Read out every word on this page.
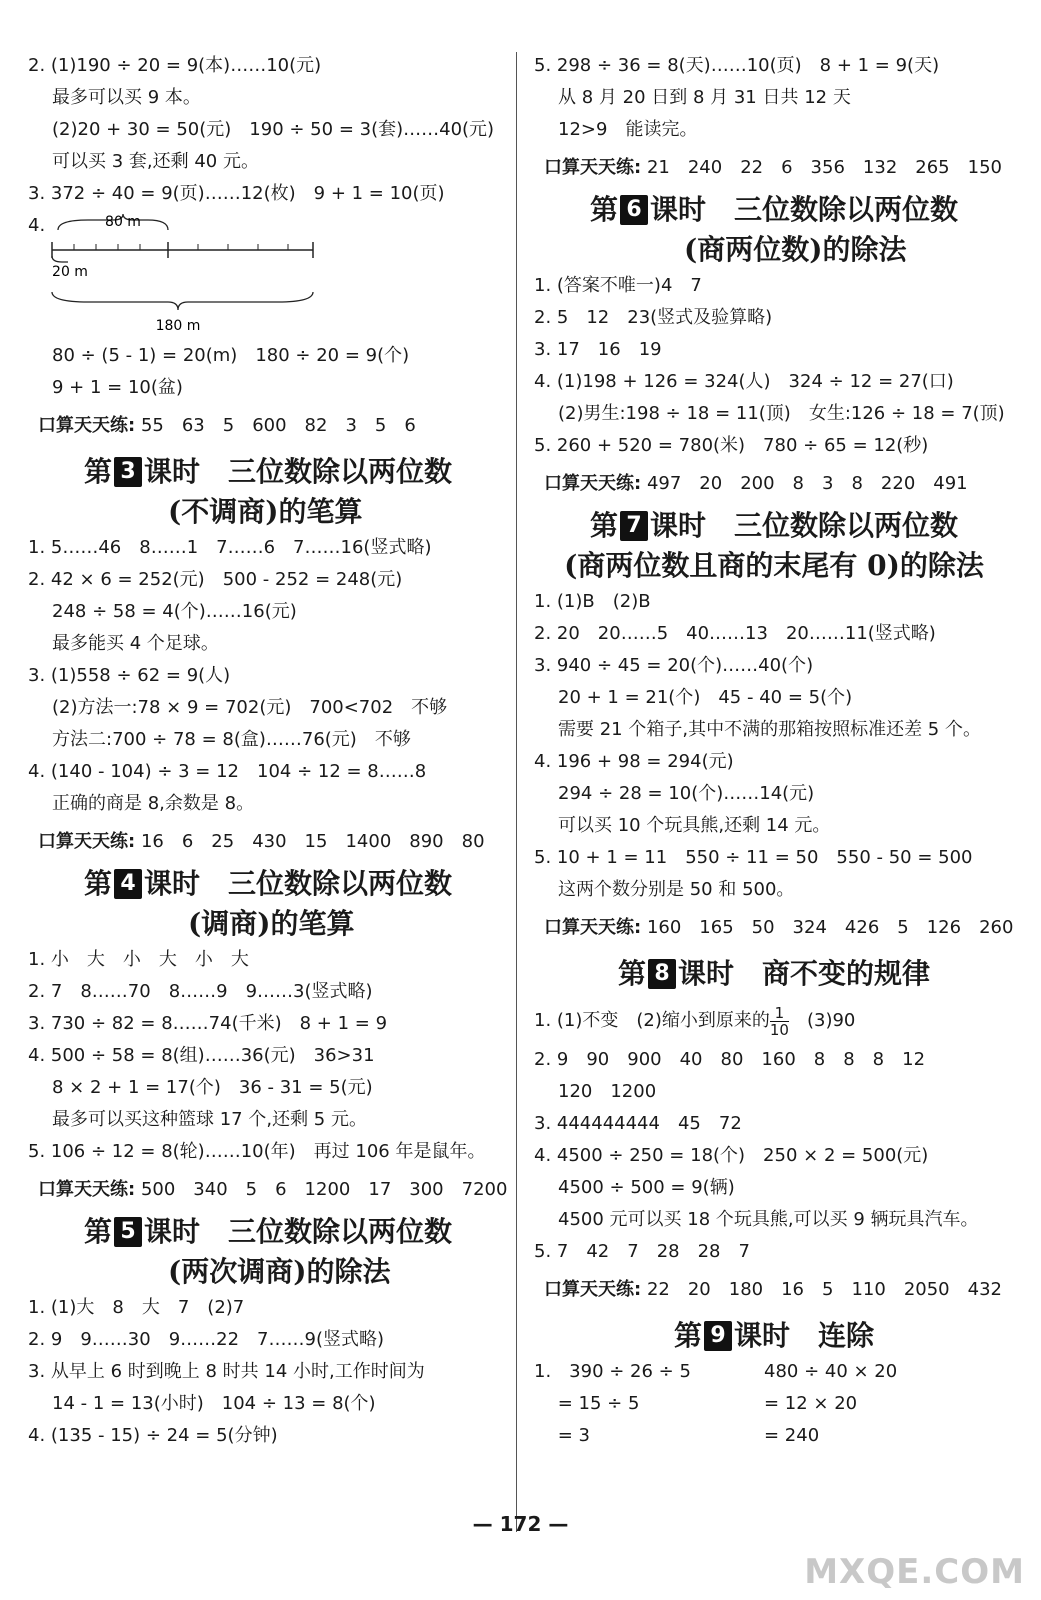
2. (1)190 ÷ 20 = 9(本)……10(元)
最多可以买 9 本。
(2)20 + 30 = 50(元)　190 ÷ 50 = 3(套)……40(元)
可以买 3 套,还剩 40 元。
3. 372 ÷ 40 = 9(页)……12(枚)　9 + 1 = 10(页)
4.	80 m
20 m
180 m
80 ÷ (5 - 1) = 20(m)　180 ÷ 20 = 9(个)
9 + 1 = 10(盆)
口算天天练: 55　63　5　600　82　3　5　6
第 3 课时　三位数除以两位数
(不调商)的笔算
1. 5……46　8……1　7……6　7……16(竖式略)
2. 42 × 6 = 252(元)　500 - 252 = 248(元)
248 ÷ 58 = 4(个)……16(元)
最多能买 4 个足球。
3. (1)558 ÷ 62 = 9(人)
(2)方法一:78 × 9 = 702(元)　700<702　不够
方法二:700 ÷ 78 = 8(盒)……76(元)　不够
4. (140 - 104) ÷ 3 = 12　104 ÷ 12 = 8……8
正确的商是 8,余数是 8。
口算天天练: 16　6　25　430　15　1400　890　80
第 4 课时　三位数除以两位数
(调商)的笔算
1. 小　大　小　大　小　大
2. 7　8……70　8……9　9……3(竖式略)
3. 730 ÷ 82 = 8……74(千米)　8 + 1 = 9
4. 500 ÷ 58 = 8(组)……36(元)　36>31
8 × 2 + 1 = 17(个)　36 - 31 = 5(元)
最多可以买这种篮球 17 个,还剩 5 元。
5. 106 ÷ 12 = 8(轮)……10(年)　再过 106 年是鼠年。
口算天天练: 500　340　5　6　1200　17　300　7200
第 5 课时　三位数除以两位数
(两次调商)的除法
1. (1)大　8　大　7　(2)7
2. 9　9……30　9……22　7……9(竖式略)
3. 从早上 6 时到晚上 8 时共 14 小时,工作时间为
14 - 1 = 13(小时)　104 ÷ 13 = 8(个)
4. (135 - 15) ÷ 24 = 5(分钟)
5. 298 ÷ 36 = 8(天)……10(页)　8 + 1 = 9(天)
从 8 月 20 日到 8 月 31 日共 12 天
12>9　能读完。
口算天天练: 21　240　22　6　356　132　265　150
第 6 课时　三位数除以两位数
(商两位数)的除法
1. (答案不唯一)4　7
2. 5　12　23(竖式及验算略)
3. 17　16　19
4. (1)198 + 126 = 324(人)　324 ÷ 12 = 27(口)
(2)男生:198 ÷ 18 = 11(顶)　女生:126 ÷ 18 = 7(顶)
5. 260 + 520 = 780(米)　780 ÷ 65 = 12(秒)
口算天天练: 497　20　200　8　3　8　220　491
第 7 课时　三位数除以两位数
(商两位数且商的末尾有 0)的除法
1. (1)B　(2)B
2. 20　20……5　40……13　20……11(竖式略)
3. 940 ÷ 45 = 20(个)……40(个)
20 + 1 = 21(个)　45 - 40 = 5(个)
需要 21 个箱子,其中不满的那箱按照标准还差 5 个。
4. 196 + 98 = 294(元)
294 ÷ 28 = 10(个)……14(元)
可以买 10 个玩具熊,还剩 14 元。
5. 10 + 1 = 11　550 ÷ 11 = 50　550 - 50 = 500
这两个数分别是 50 和 500。
口算天天练: 160　165　50　324　426　5　126　260
第 8 课时　商不变的规律
1. (1)不变　(2)缩小到原来的 $\frac{1}{10}$ 　(3)90
2. 9　90　900　40　80　160　8　8　8　12
120　1200
3. 444444444　45　72
4. 4500 ÷ 250 = 18(个)　250 × 2 = 500(元)
4500 ÷ 500 = 9(辆)
4500 元可以买 18 个玩具熊,可以买 9 辆玩具汽车。
5. 7　42　7　28　28　7
口算天天练: 22　20　180　16　5　110　2050　432
第 9 课时　连除
1.　390 ÷ 26 ÷ 5	480 ÷ 40 × 20
　 = 15 ÷ 5	= 12 × 20
　 = 3	= 240
— 172 —
MXQE.COM
